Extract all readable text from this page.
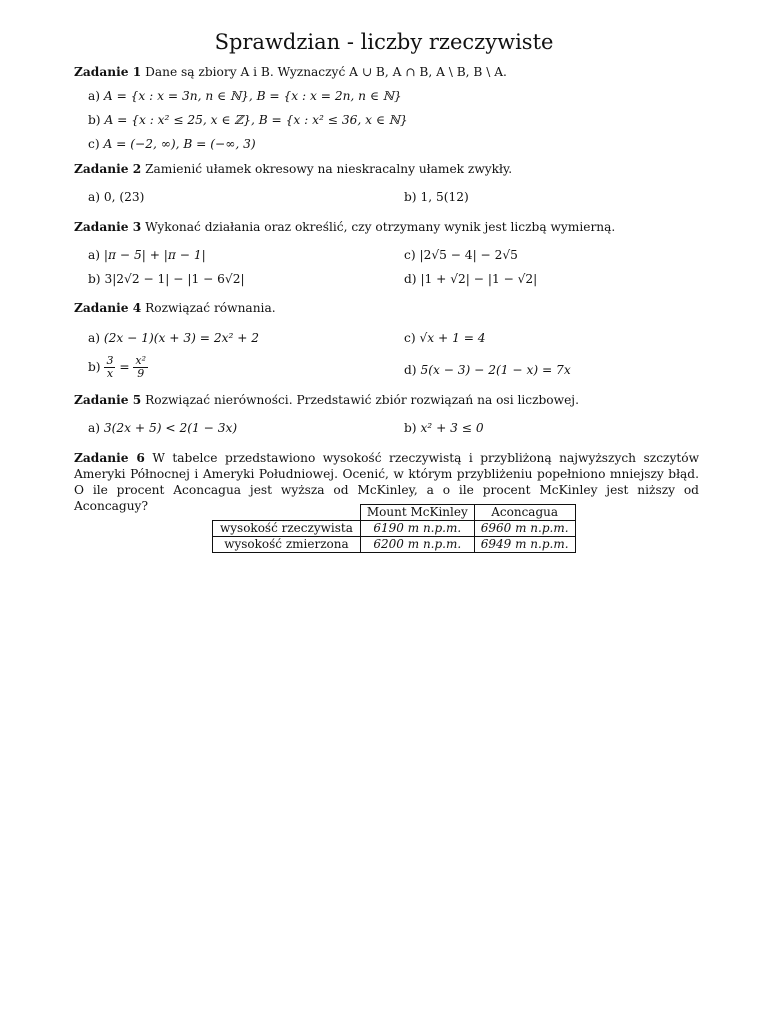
Sprawdzian - liczby rzeczywiste
Zadanie 1 Dane są zbiory A i B. Wyznaczyć A ∪ B, A ∩ B, A \ B, B \ A.
a) A = {x : x = 3n, n ∈ ℕ}, B = {x : x = 2n, n ∈ ℕ}
b) A = {x : x² ≤ 25, x ∈ ℤ}, B = {x : x² ≤ 36, x ∈ ℕ}
c) A = (−2, ∞), B = (−∞, 3)
Zadanie 2 Zamienić ułamek okresowy na nieskracalny ułamek zwykły.
a) 0, (23)	b) 1, 5(12)
Zadanie 3 Wykonać działania oraz określić, czy otrzymany wynik jest liczbą wymierną.
a) |π − 5| + |π − 1|	c) |2√5 − 4| − 2√5
b) 3|2√2 − 1| − |1 − 6√2|	d) |1 + √2| − |1 − √2|
Zadanie 4 Rozwiązać równania.
a) (2x − 1)(x + 3) = 2x² + 2	c) √x + 1 = 4
$b) \frac{3}{x} = \frac{\text{x²}}{9}$	d) 5(x − 3) − 2(1 − x) = 7x
Zadanie 5 Rozwiązać nierówności. Przedstawić zbiór rozwiązań na osi liczbowej.
a) 3(2x + 5) < 2(1 − 3x)	b) x² + 3 ≤ 0
Zadanie 6 W tabelce przedstawiono wysokość rzeczywistą i przybliżoną najwyższych szczytów Ameryki Północnej i Ameryki Południowej. Ocenić, w którym przybliżeniu popełniono mniejszy błąd. O ile procent Aconcagua jest wyższa od McKinley, a o ile procent McKinley jest niższy od Aconcaguy?
		Mount McKinley	Aconcagua
wysokość rzeczywista	6190 m n.p.m.	6960 m n.p.m.
wysokość zmierzona	6200 m n.p.m.	6949 m n.p.m.
